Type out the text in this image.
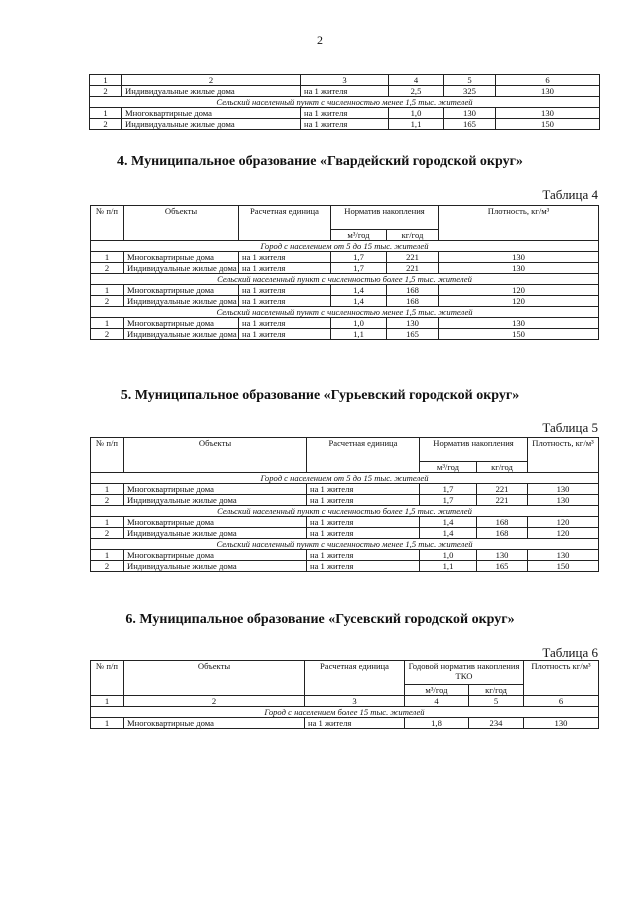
2
1	2	3	4	5	6
2	Индивидуальные жилые дома	на 1 жителя	2,5	325	130
Сельский населенный пункт с численностью менее 1,5 тыс. жителей					
1	Многоквартирные дома	на 1 жителя	1,0	130	130
2	Индивидуальные жилые дома	на 1 жителя	1,1	165	150
4. Муниципальное образование «Гвардейский городской округ»
Таблица 4
№ п/п	Объекты	Расчетная единица	Норматив накопления		Плотность, кг/м³
			м³/год	кг/год	
Город с населением от 5 до 15 тыс. жителей					
1	Многоквартирные дома	на 1 жителя	1,7	221	130
2	Индивидуальные жилые дома	на 1 жителя	1,7	221	130
Сельский населенный пункт с численностью более 1,5 тыс. жителей					
1	Многоквартирные дома	на 1 жителя	1,4	168	120
2	Индивидуальные жилые дома	на 1 жителя	1,4	168	120
Сельский населенный пункт с численностью менее 1,5 тыс. жителей					
1	Многоквартирные дома	на 1 жителя	1,0	130	130
2	Индивидуальные жилые дома	на 1 жителя	1,1	165	150
5. Муниципальное образование «Гурьевский городской округ»
Таблица 5
№ п/п	Объекты	Расчетная единица	Норматив накопления		Плотность, кг/м³
			м³/год	кг/год	
Город с населением от 5 до 15 тыс. жителей					
1	Многоквартирные дома	на 1 жителя	1,7	221	130
2	Индивидуальные жилые дома	на 1 жителя	1,7	221	130
Сельский населенный пункт с численностью более 1,5 тыс. жителей					
1	Многоквартирные дома	на 1 жителя	1,4	168	120
2	Индивидуальные жилые дома	на 1 жителя	1,4	168	120
Сельский населенный пункт с численностью менее 1,5 тыс. жителей					
1	Многоквартирные дома	на 1 жителя	1,0	130	130
2	Индивидуальные жилые дома	на 1 жителя	1,1	165	150
6. Муниципальное образование «Гусевский городской округ»
Таблица 6
№ п/п	Объекты	Расчетная единица	Годовой норматив накопления ТКО		Плотность кг/м³
			м³/год	кг/год	
1	2	3	4	5	6
Город с населением более 15 тыс. жителей					
1	Многоквартирные дома	на 1 жителя	1,8	234	130
